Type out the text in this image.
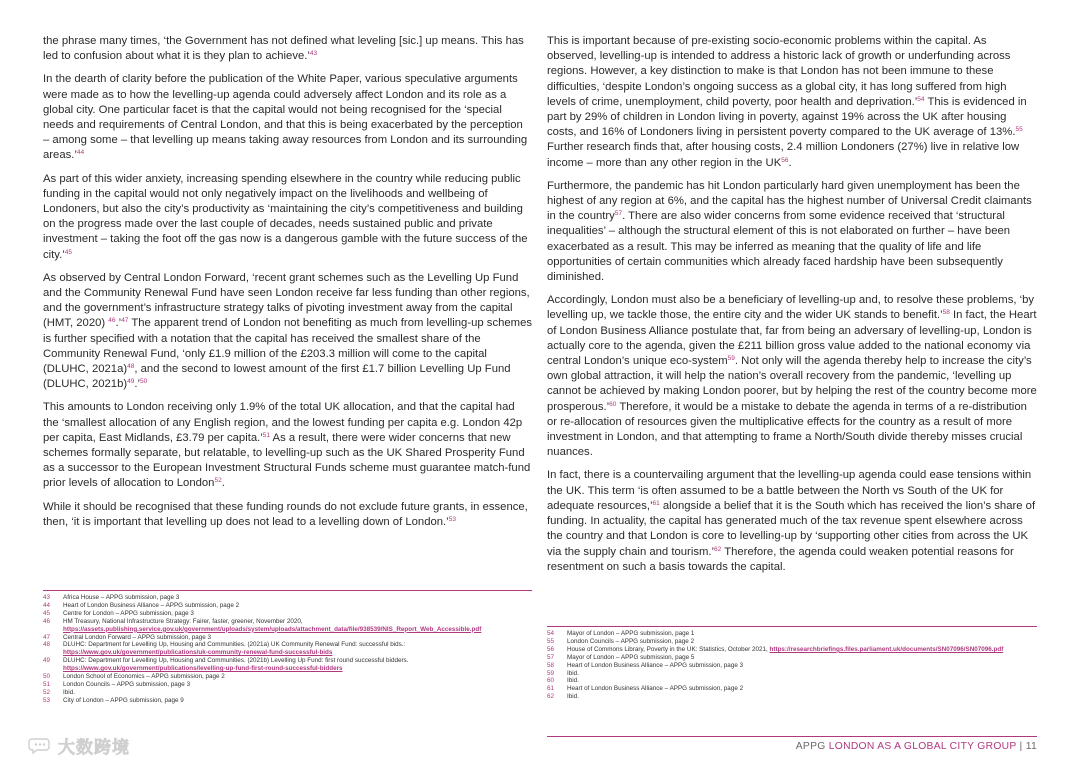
the phrase many times, ‘the Government has not defined what leveling [sic.] up means. This has led to confusion about what it is they plan to achieve.’$^{43}$

In the dearth of clarity before the publication of the White Paper, various speculative arguments were made as to how the levelling-up agenda could adversely affect London and its role as a global city. One particular facet is that the capital would not being recognised for the ‘special needs and requirements of Central London, and that this is being exacerbated by the perception – among some – that levelling up means taking away resources from London and its surrounding areas.’$^{44}$

As part of this wider anxiety, increasing spending elsewhere in the country while reducing public funding in the capital would not only negatively impact on the livelihoods and wellbeing of Londoners, but also the city’s productivity as ‘maintaining the city’s competitiveness and building on the progress made over the last couple of decades, needs sustained public and private investment – taking the foot off the gas now is a dangerous gamble with the future success of the city.’$^{45}$

As observed by Central London Forward, ‘recent grant schemes such as the Levelling Up Fund and the Community Renewal Fund have seen London receive far less funding than other regions, and the government’s infrastructure strategy talks of pivoting investment away from the capital (HMT, 2020) $^{46}$.’$^{47}$ The apparent trend of London not benefiting as much from levelling-up schemes is further specified with a notation that the capital has received the smallest share of the Community Renewal Fund, ‘only £1.9 million of the £203.3 million will come to the capital (DLUHC, 2021a)$^{48}$, and the second to lowest amount of the first £1.7 billion Levelling Up Fund (DLUHC, 2021b)$^{49}$.’$^{50}$

This amounts to London receiving only 1.9% of the total UK allocation, and that the capital had the ‘smallest allocation of any English region, and the lowest funding per capita e.g. London 42p per capita, East Midlands, £3.79 per capita.’$^{51}$ As a result, there were wider concerns that new schemes formally separate, but relatable, to levelling-up such as the UK Shared Prosperity Fund as a successor to the European Investment Structural Funds scheme must guarantee match-fund prior levels of allocation to London$^{52}$.

While it should be recognised that these funding rounds do not exclude future grants, in essence, then, ‘it is important that levelling up does not lead to a levelling down of London.’$^{53}$

This is important because of pre-existing socio-economic problems within the capital. As observed, levelling-up is intended to address a historic lack of growth or underfunding across regions. However, a key distinction to make is that London has not been immune to these difficulties, ‘despite London’s ongoing success as a global city, it has long suffered from high levels of crime, unemployment, child poverty, poor health and deprivation.’$^{54}$ This is evidenced in part by 29% of children in London living in poverty, against 19% across the UK after housing costs, and 16% of Londoners living in persistent poverty compared to the UK average of 13%.$^{55}$ Further research finds that, after housing costs, 2.4 million Londoners (27%) live in relative low income – more than any other region in the UK$^{56}$.

Furthermore, the pandemic has hit London particularly hard given unemployment has been the highest of any region at 6%, and the capital has the highest number of Universal Credit claimants in the country$^{57}$. There are also wider concerns from some evidence received that ‘structural inequalities’ – although the structural element of this is not elaborated on further – have been exacerbated as a result. This may be inferred as meaning that the quality of life and life opportunities of certain communities which already faced hardship have been subsequently diminished.

Accordingly, London must also be a beneficiary of levelling-up and, to resolve these problems, ‘by levelling up, we tackle those, the entire city and the wider UK stands to benefit.’$^{58}$ In fact, the Heart of London Business Alliance postulate that, far from being an adversary of levelling-up, London is actually core to the agenda, given the £211 billion gross value added to the national economy via central London’s unique eco-system$^{59}$. Not only will the agenda thereby help to increase the city’s own global attraction, it will help the nation’s overall recovery from the pandemic, ‘levelling up cannot be achieved by making London poorer, but by helping the rest of the country become more prosperous.’$^{60}$ Therefore, it would be a mistake to debate the agenda in terms of a re-distribution or re-allocation of resources given the multiplicative effects for the country as a result of more investment in London, and that attempting to frame a North/South divide thereby misses crucial nuances.

In fact, there is a countervailing argument that the levelling-up agenda could ease tensions within the UK. This term ‘is often assumed to be a battle between the North vs South of the UK for adequate resources,’$^{61}$ alongside a belief that it is the South which has received the lion’s share of funding. In actuality, the capital has generated much of the tax revenue spent elsewhere across the country and that London is core to levelling-up by ‘supporting other cities from across the UK via the supply chain and tourism.’$^{62}$ Therefore, the agenda could weaken potential reasons for resentment on such a basis towards the capital.

43	Africa House – APPG submission, page 3
44	Heart of London Business Alliance – APPG submission, page 2
45	Centre for London – APPG submission, page 3
46	HM Treasury, National Infrastructure Strategy: Fairer, faster, greener, November 2020, https://assets.publishing.service.gov.uk/government/uploads/system/uploads/attachment_data/file/938539/NIS_Report_Web_Accessible.pdf
47	Central London Forward – APPG submission, page 3
48	DLUHC: Department for Levelling Up, Housing and Communities. (2021a) UK Community Renewal Fund: successful bids.: https://www.gov.uk/government/publications/uk-community-renewal-fund-successful-bids
49	DLUHC: Department for Levelling Up, Housing and Communities. (2021b) Levelling Up Fund: first round successful bidders. https://www.gov.uk/government/publications/levelling-up-fund-first-round-successful-bidders
50	London School of Economics – APPG submission, page 2
51	London Councils – APPG submission, page 3
52	Ibid.
53	City of London – APPG submission, page 9
54	Mayor of London – APPG submission, page 1
55	London Councils – APPG submission, page 2
56	House of Commons Library, Poverty in the UK: Statistics, October 2021, https://researchbriefings.files.parliament.uk/documents/SN07096/SN07096.pdf
57	Mayor of London – APPG submission, page 5
58	Heart of London Business Alliance – APPG submission, page 3
59	Ibid.
60	Ibid.
61	Heart of London Business Alliance – APPG submission, page 2
62	Ibid.
APPG LONDON AS A GLOBAL CITY GROUP | 11
大数跨境
